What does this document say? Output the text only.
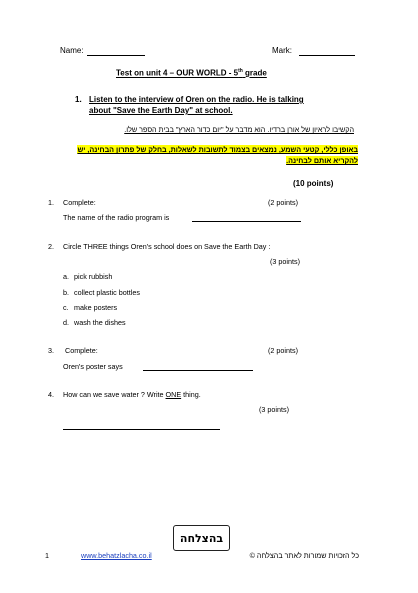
Name:	Mark:
Test on unit 4 – OUR WORLD - 5th grade
1. Listen to the interview of Oren on the radio. He is talking
about "Save the Earth Day" at school.
הקשיבו לראיון של אורן ברדיו. הוא מדבר על "יום כדור הארץ" בבית הספר שלו.
באופן כללי, קטעי השמע, נמצאים בצמוד לתשובות לשאלות, בחלק של פתרון הבחינה, יש
להקריא אותם לבחינה.
(10 points)
1. Complete:	(2 points)
The name of the radio program is
2. Circle THREE things Oren's school does on Save the Earth Day :
(3 points)
a. pick rubbish
b. collect plastic bottles
c. make posters
d. wash the dishes
3. Complete:	(2 points)
Oren's poster says
4. How can we save water ? Write ONE thing.
(3 points)
בהצלחה
1	www.behatzlacha.co.il	כל הזכויות שמורות לאתר בהצלחה ©
